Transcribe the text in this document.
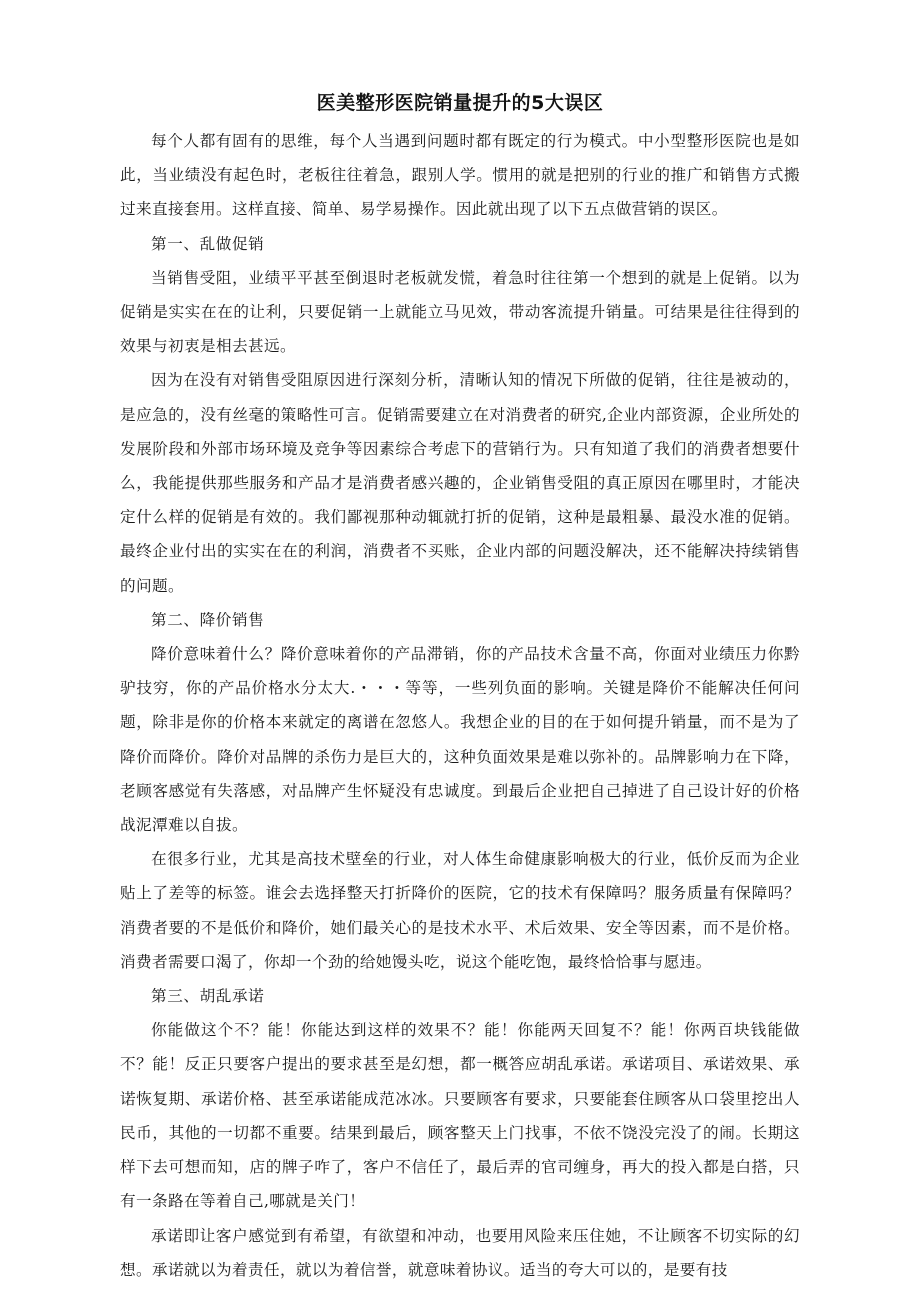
医美整形医院销量提升的5大误区

每个人都有固有的思维，每个人当遇到问题时都有既定的行为模式。中小型整形医院也是如此，当业绩没有起色时，老板往往着急，跟别人学。惯用的就是把别的行业的推广和销售方式搬过来直接套用。这样直接、简单、易学易操作。因此就出现了以下五点做营销的误区。

第一、乱做促销

当销售受阻，业绩平平甚至倒退时老板就发慌，着急时往往第一个想到的就是上促销。以为促销是实实在在的让利，只要促销一上就能立马见效，带动客流提升销量。可结果是往往得到的效果与初衷是相去甚远。

因为在没有对销售受阻原因进行深刻分析，清晰认知的情况下所做的促销，往往是被动的，是应急的，没有丝毫的策略性可言。促销需要建立在对消费者的研究,企业内部资源，企业所处的发展阶段和外部市场环境及竞争等因素综合考虑下的营销行为。只有知道了我们的消费者想要什么，我能提供那些服务和产品才是消费者感兴趣的，企业销售受阻的真正原因在哪里时，才能决定什么样的促销是有效的。我们鄙视那种动辄就打折的促销，这种是最粗暴、最没水准的促销。最终企业付出的实实在在的利润，消费者不买账，企业内部的问题没解决，还不能解决持续销售的问题。

第二、降价销售

降价意味着什么？降价意味着你的产品滞销，你的产品技术含量不高，你面对业绩压力你黔驴技穷，你的产品价格水分太大.・・・等等，一些列负面的影响。关键是降价不能解决任何问题，除非是你的价格本来就定的离谱在忽悠人。我想企业的目的在于如何提升销量，而不是为了降价而降价。降价对品牌的杀伤力是巨大的，这种负面效果是难以弥补的。品牌影响力在下降，老顾客感觉有失落感，对品牌产生怀疑没有忠诚度。到最后企业把自己掉进了自己设计好的价格战泥潭难以自拔。

在很多行业，尤其是高技术壁垒的行业，对人体生命健康影响极大的行业，低价反而为企业贴上了差等的标签。谁会去选择整天打折降价的医院，它的技术有保障吗？服务质量有保障吗？消费者要的不是低价和降价，她们最关心的是技术水平、术后效果、安全等因素，而不是价格。消费者需要口渴了，你却一个劲的给她馒头吃，说这个能吃饱，最终恰恰事与愿违。

第三、胡乱承诺

你能做这个不？能！你能达到这样的效果不？能！你能两天回复不？能！你两百块钱能做不？能！反正只要客户提出的要求甚至是幻想，都一概答应胡乱承诺。承诺项目、承诺效果、承诺恢复期、承诺价格、甚至承诺能成范冰冰。只要顾客有要求，只要能套住顾客从口袋里挖出人民币，其他的一切都不重要。结果到最后，顾客整天上门找事，不依不饶没完没了的闹。长期这样下去可想而知，店的牌子咋了，客户不信任了，最后弄的官司缠身，再大的投入都是白搭，只有一条路在等着自己,哪就是关门！

承诺即让客户感觉到有希望，有欲望和冲动，也要用风险来压住她，不让顾客不切实际的幻想。承诺就以为着责任，就以为着信誉，就意味着协议。适当的夸大可以的，是要有技
